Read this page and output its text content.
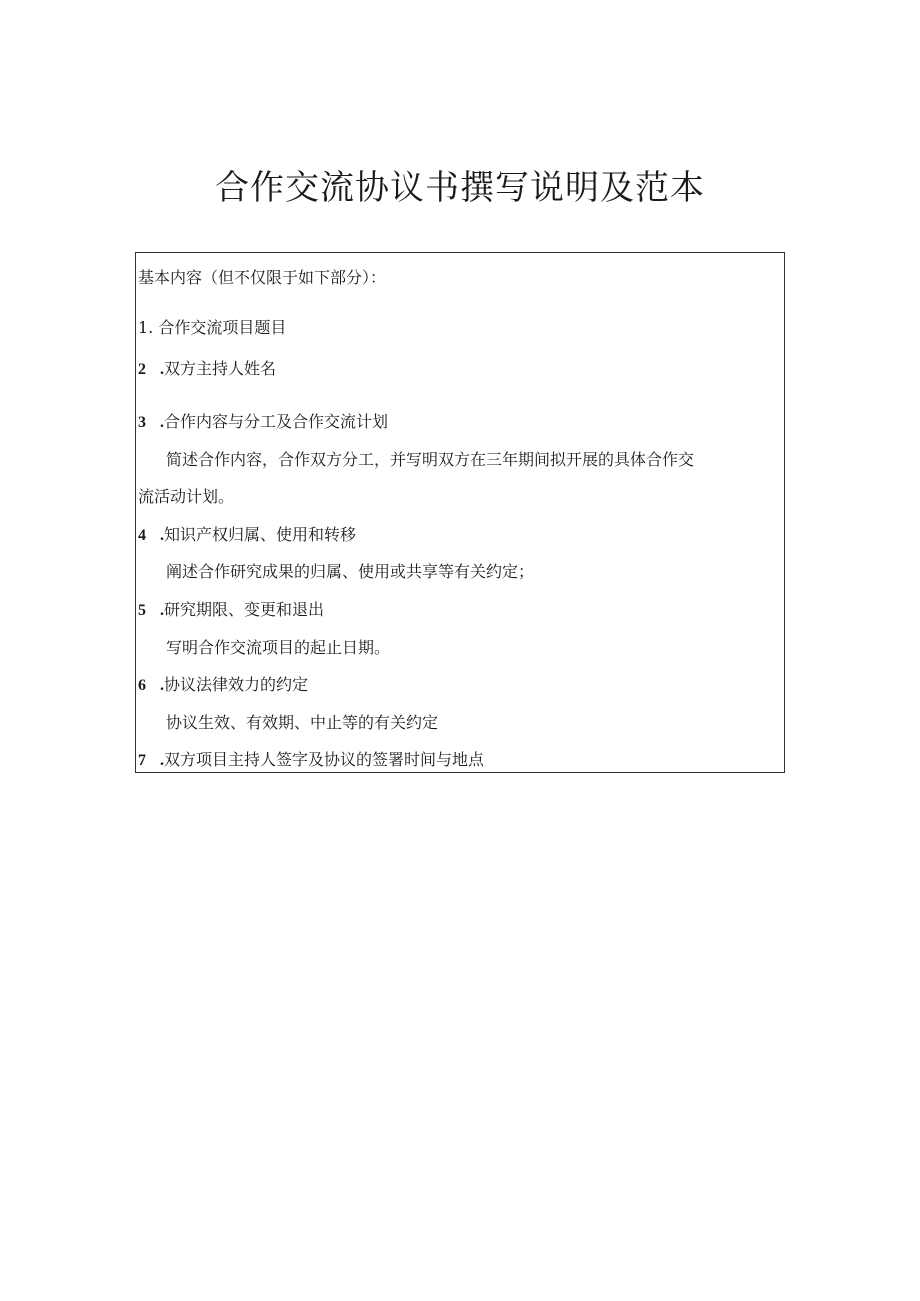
合作交流协议书撰写说明及范本
基本内容（但不仅限于如下部分）：
1. 合作交流项目题目
2 .双方主持人姓名
3 .合作内容与分工及合作交流计划
简述合作内容，合作双方分工，并写明双方在三年期间拟开展的具体合作交
流活动计划。
4 .知识产权归属、使用和转移
阐述合作研究成果的归属、使用或共享等有关约定；
5 .研究期限、变更和退出
写明合作交流项目的起止日期。
6 .协议法律效力的约定
协议生效、有效期、中止等的有关约定
7 .双方项目主持人签字及协议的签署时间与地点
